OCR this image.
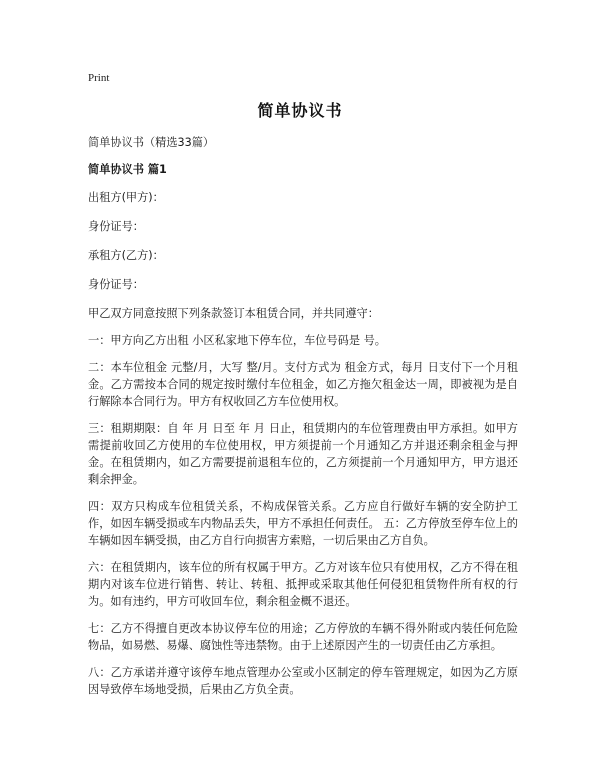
Print
简单协议书

简单协议书（精选33篇）

简单协议书 篇1

出租方(甲方)：

身份证号：

承租方(乙方)：

身份证号：

甲乙双方同意按照下列条款签订本租赁合同，并共同遵守：

一：甲方向乙方出租 小区私家地下停车位，车位号码是 号。

二：本车位租金 元整/月，大写 整/月。支付方式为 租金方式，每月 日支付下一个月租金。乙方需按本合同的规定按时缴付车位租金，如乙方拖欠租金达一周，即被视为是自行解除本合同行为。甲方有权收回乙方车位使用权。

三：租期期限：自 年 月 日至 年 月 日止，租赁期内的车位管理费由甲方承担。如甲方需提前收回乙方使用的车位使用权，甲方须提前一个月通知乙方并退还剩余租金与押金。在租赁期内，如乙方需要提前退租车位的，乙方须提前一个月通知甲方，甲方退还剩余押金。

四：双方只构成车位租赁关系，不构成保管关系。乙方应自行做好车辆的安全防护工作，如因车辆受损或车内物品丢失，甲方不承担任何责任。 五：乙方停放至停车位上的车辆如因车辆受损，由乙方自行向损害方索赔，一切后果由乙方自负。

六：在租赁期内，该车位的所有权属于甲方。乙方对该车位只有使用权，乙方不得在租期内对该车位进行销售、转让、转租、抵押或采取其他任何侵犯租赁物件所有权的行为。如有违约，甲方可收回车位，剩余租金概不退还。

七：乙方不得擅自更改本协议停车位的用途；乙方停放的车辆不得外附或内装任何危险物品，如易燃、易爆、腐蚀性等违禁物。由于上述原因产生的一切责任由乙方承担。

八：乙方承诺并遵守该停车地点管理办公室或小区制定的停车管理规定，如因为乙方原因导致停车场地受损，后果由乙方负全责。
